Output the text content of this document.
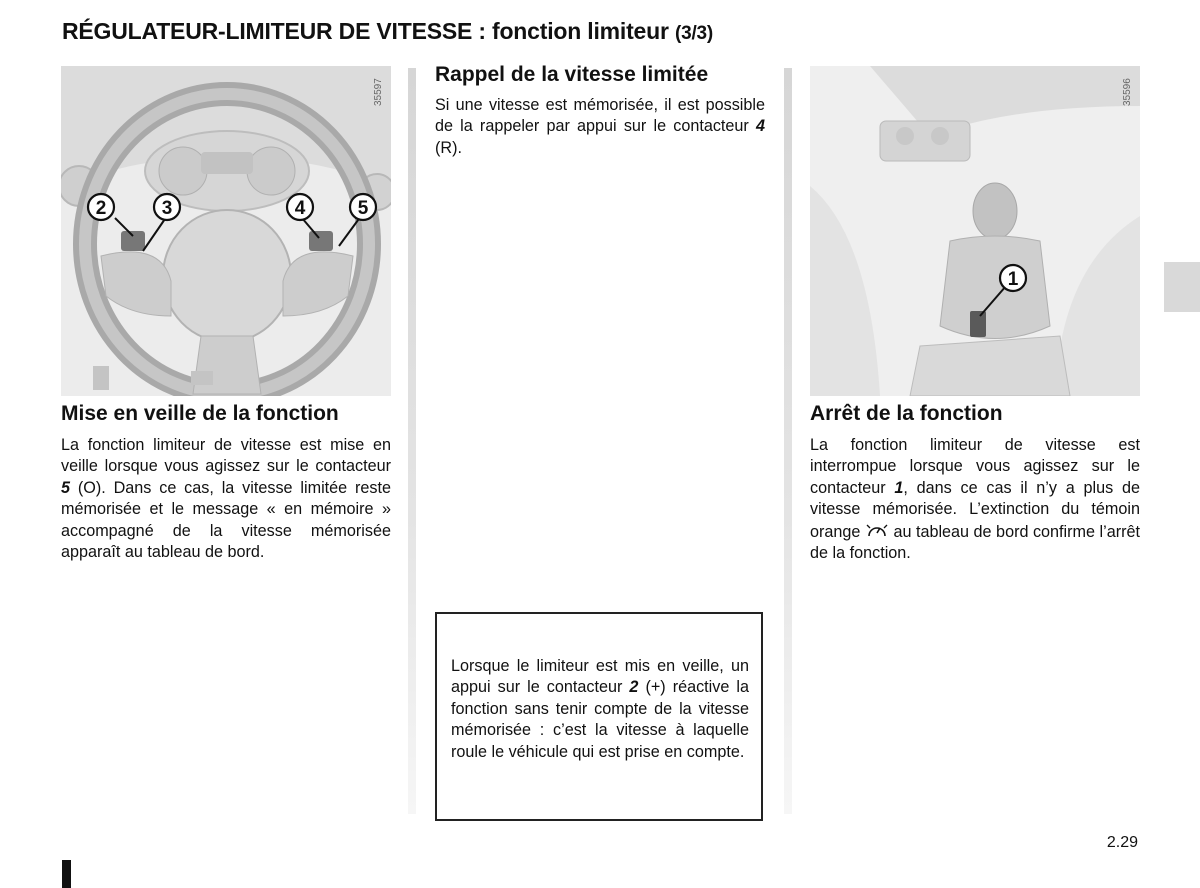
RÉGULATEUR-LIMITEUR DE VITESSE : fonction limiteur (3/3)
2	3	4	5
35597
1
35596
Mise en veille de la fonction
La fonction limiteur de vitesse est mise en veille lorsque vous agissez sur le contacteur 5 (O). Dans ce cas, la vitesse limitée reste mémorisée et le message « en mémoire » accompagné de la vitesse mémorisée apparaît au tableau de bord.
Rappel de la vitesse limitée
Si une vitesse est mémorisée, il est possible de la rappeler par appui sur le contacteur 4 (R).
Lorsque le limiteur est mis en veille, un appui sur le contacteur 2 (+) réactive la fonction sans tenir compte de la vitesse mémorisée : c’est la vitesse à laquelle roule le véhicule qui est prise en compte.
Arrêt de la fonction
La fonction limiteur de vitesse est interrompue lorsque vous agissez sur le contacteur 1, dans ce cas il n’y a plus de vitesse mémorisée. L’extinction du témoin orange au tableau de bord confirme l’arrêt de la fonction.
2.29
